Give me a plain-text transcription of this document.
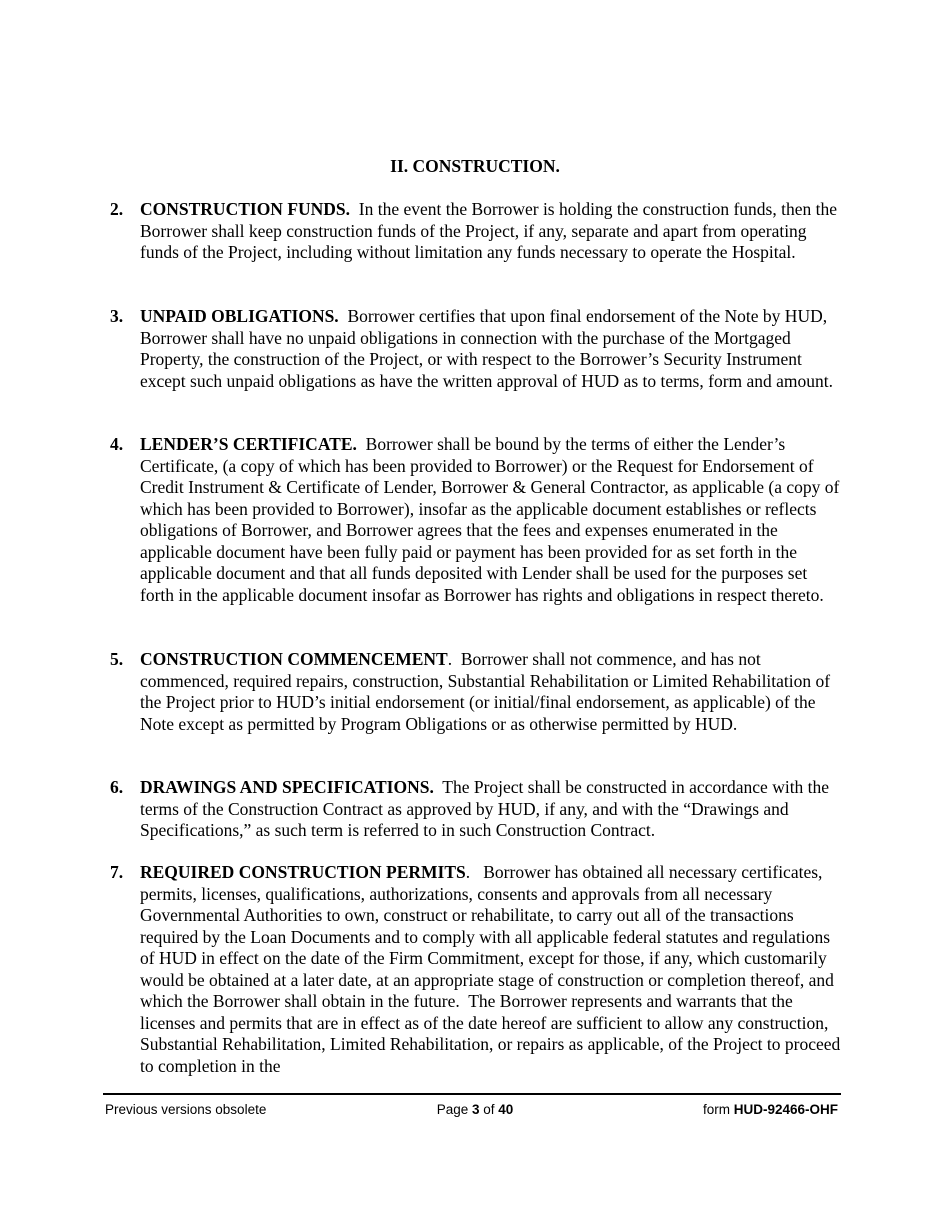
II. CONSTRUCTION.
2. CONSTRUCTION FUNDS. In the event the Borrower is holding the construction funds, then the Borrower shall keep construction funds of the Project, if any, separate and apart from operating funds of the Project, including without limitation any funds necessary to operate the Hospital.
3. UNPAID OBLIGATIONS. Borrower certifies that upon final endorsement of the Note by HUD, Borrower shall have no unpaid obligations in connection with the purchase of the Mortgaged Property, the construction of the Project, or with respect to the Borrower’s Security Instrument except such unpaid obligations as have the written approval of HUD as to terms, form and amount.
4. LENDER’S CERTIFICATE. Borrower shall be bound by the terms of either the Lender’s Certificate, (a copy of which has been provided to Borrower) or the Request for Endorsement of Credit Instrument & Certificate of Lender, Borrower & General Contractor, as applicable (a copy of which has been provided to Borrower), insofar as the applicable document establishes or reflects obligations of Borrower, and Borrower agrees that the fees and expenses enumerated in the applicable document have been fully paid or payment has been provided for as set forth in the applicable document and that all funds deposited with Lender shall be used for the purposes set forth in the applicable document insofar as Borrower has rights and obligations in respect thereto.
5. CONSTRUCTION COMMENCEMENT.  Borrower shall not commence, and has not commenced, required repairs, construction, Substantial Rehabilitation or Limited Rehabilitation of the Project prior to HUD’s initial endorsement (or initial/final endorsement, as applicable) of the Note except as permitted by Program Obligations or as otherwise permitted by HUD.
6. DRAWINGS AND SPECIFICATIONS. The Project shall be constructed in accordance with the terms of the Construction Contract as approved by HUD, if any, and with the “Drawings and Specifications,” as such term is referred to in such Construction Contract.
7. REQUIRED CONSTRUCTION PERMITS.   Borrower has obtained all necessary certificates, permits, licenses, qualifications, authorizations, consents and approvals from all necessary Governmental Authorities to own, construct or rehabilitate, to carry out all of the transactions required by the Loan Documents and to comply with all applicable federal statutes and regulations of HUD in effect on the date of the Firm Commitment, except for those, if any, which customarily would be obtained at a later date, at an appropriate stage of construction or completion thereof, and which the Borrower shall obtain in the future.  The Borrower represents and warrants that the licenses and permits that are in effect as of the date hereof are sufficient to allow any construction, Substantial Rehabilitation, Limited Rehabilitation, or repairs as applicable, of the Project to proceed to completion in the
Previous versions obsolete	Page 3 of 40	form HUD-92466-OHF
